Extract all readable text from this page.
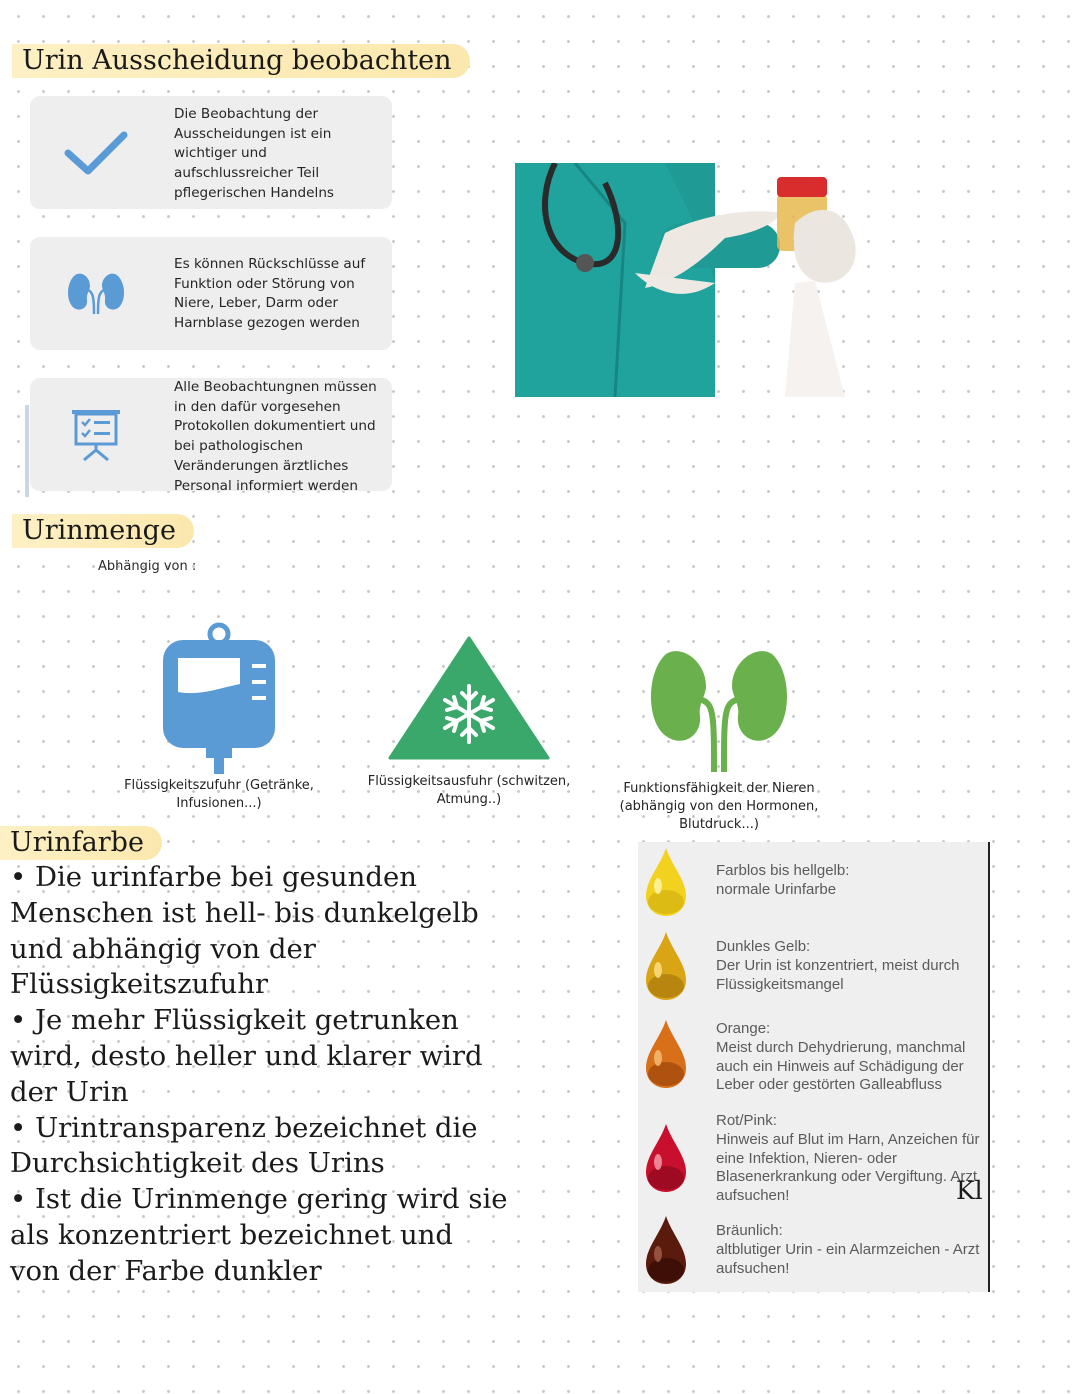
Urin Ausscheidung beobachten
Die Beobachtung der Ausscheidungen ist ein wichtiger und aufschlussreicher Teil pflegerischen Handelns
Es können Rückschlüsse auf Funktion oder Störung von Niere, Leber, Darm oder Harnblase gezogen werden
Alle Beobachtungnen müssen in den dafür vorgesehen Protokollen dokumentiert und bei pathologischen Veränderungen ärztliches Personal informiert werden
Urinmenge
Abhängig von :
Flüssigkeitszufuhr (Getränke, Infusionen...)
Flüssigkeitsausfuhr (schwitzen, Atmung..)
Funktionsfähigkeit der Nieren (abhängig von den Hormonen, Blutdruck...)
Urinfarbe
• Die urinfarbe bei gesunden
Menschen ist hell- bis dunkelgelb
und abhängig von der
Flüssigkeitszufuhr
• Je mehr Flüssigkeit getrunken
wird, desto heller und klarer wird
der Urin
• Urintransparenz bezeichnet die
Durchsichtigkeit des Urins
• Ist die Urinmenge gering wird sie
als konzentriert bezeichnet und
von der Farbe dunkler
Farblos bis hellgelb:
normale Urinfarbe
Dunkles Gelb:
Der Urin ist konzentriert, meist durch Flüssigkeitsmangel
Orange:
Meist durch Dehydrierung, manchmal auch ein Hinweis auf Schädigung der Leber oder gestörten Galleabfluss
Rot/Pink:
Hinweis auf Blut im Harn, Anzeichen für eine Infektion, Nieren- oder Blasenerkrankung oder Vergiftung. Arzt aufsuchen!
Bräunlich:
altblutiger Urin - ein Alarmzeichen - Arzt aufsuchen!
Kl
